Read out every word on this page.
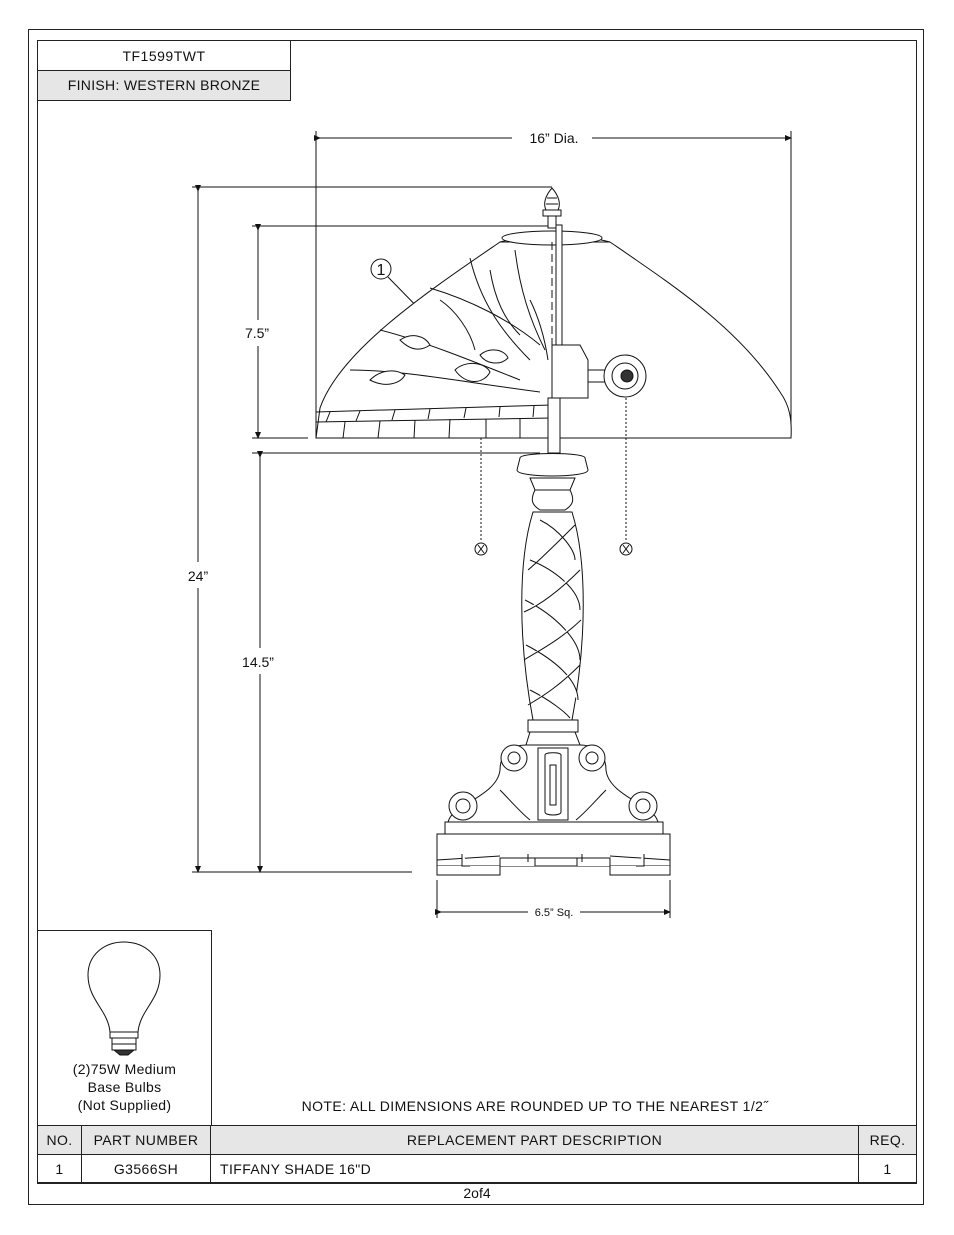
TF1599TWT
FINISH: WESTERN BRONZE
16” Dia.
24”
7.5”
14.5”
6.5” Sq.
1
(2)75W Medium
Base Bulbs
(Not Supplied)	NOTE: ALL DIMENSIONS ARE ROUNDED UP TO THE NEAREST 1/2˝
NO.	PART NUMBER	REPLACEMENT PART DESCRIPTION	REQ.
1	G3566SH	TIFFANY SHADE 16"D	1
2of4
